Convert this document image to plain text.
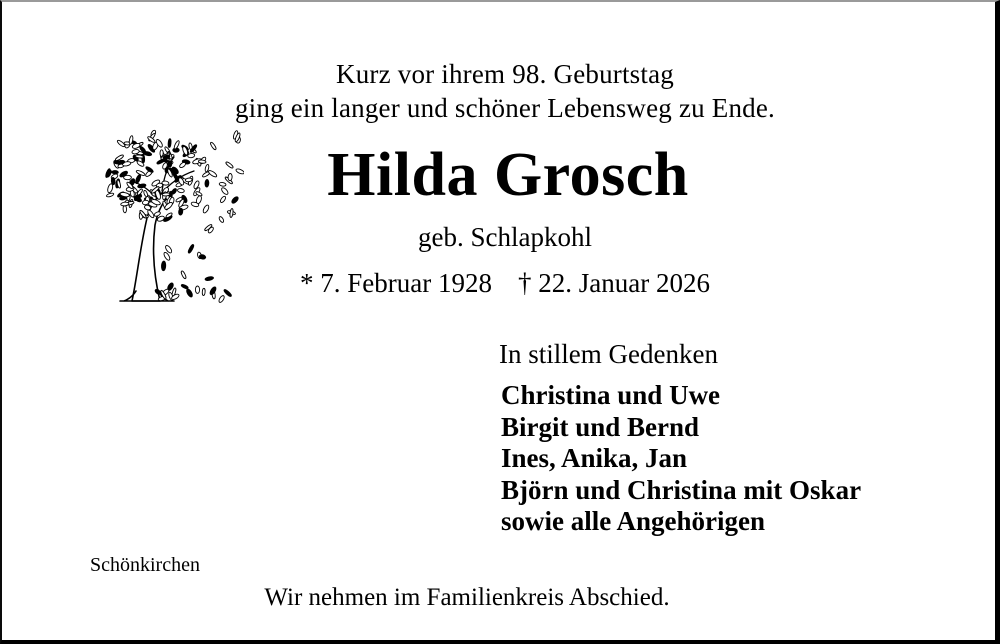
Kurz vor ihrem 98. Geburtstag
ging ein langer und schöner Lebensweg zu Ende.
Hilda Grosch
geb. Schlapkohl
* 7. Februar 1928 † 22. Januar 2026
In stillem Gedenken
Christina und Uwe
Birgit und Bernd
Ines, Anika, Jan
Björn und Christina mit Oskar
sowie alle Angehörigen
Schönkirchen
Wir nehmen im Familienkreis Abschied.
